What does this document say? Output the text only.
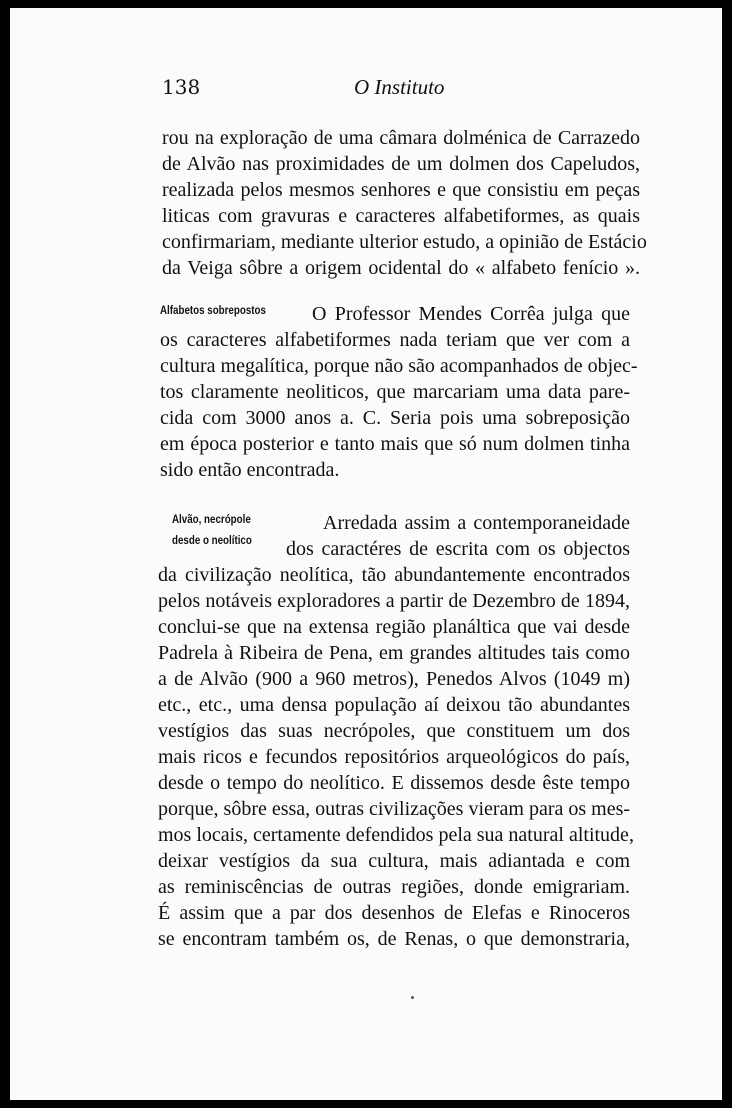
138	O Instituto
rou na exploração de uma câmara dolménica de Carrazedo
de Alvão nas proximidades de um dolmen dos Capeludos,
realizada pelos mesmos senhores e que consistiu em peças
liticas com gravuras e caracteres alfabetiformes, as quais
confirmariam, mediante ulterior estudo, a opinião de Estácio
da Veiga sôbre a origem ocidental do « alfabeto fenício ».
Alfabetos sobrepostos O Professor Mendes Corrêa julga que
os caracteres alfabetiformes nada teriam que ver com a
cultura megalítica, porque não são acompanhados de objec-
tos claramente neoliticos, que marcariam uma data pare-
cida com 3000 anos a. C. Seria pois uma sobreposição
em época posterior e tanto mais que só num dolmen tinha
sido então encontrada.
Alvão, necrópole
desde o neolítico
Arredada assim a contemporaneidade
dos caractéres de escrita com os objectos
da civilização neolítica, tão abundantemente encontrados
pelos notáveis exploradores a partir de Dezembro de 1894,
conclui-se que na extensa região planáltica que vai desde
Padrela à Ribeira de Pena, em grandes altitudes tais como
a de Alvão (900 a 960 metros), Penedos Alvos (1049 m)
etc., etc., uma densa população aí deixou tão abundantes
vestígios das suas necrópoles, que constituem um dos
mais ricos e fecundos repositórios arqueológicos do país,
desde o tempo do neolítico. E dissemos desde êste tempo
porque, sôbre essa, outras civilizações vieram para os mes-
mos locais, certamente defendidos pela sua natural altitude,
deixar vestígios da sua cultura, mais adiantada e com
as reminiscências de outras regiões, donde emigrariam.
É assim que a par dos desenhos de Elefas e Rinoceros
se encontram também os, de Renas, o que demonstraria,
